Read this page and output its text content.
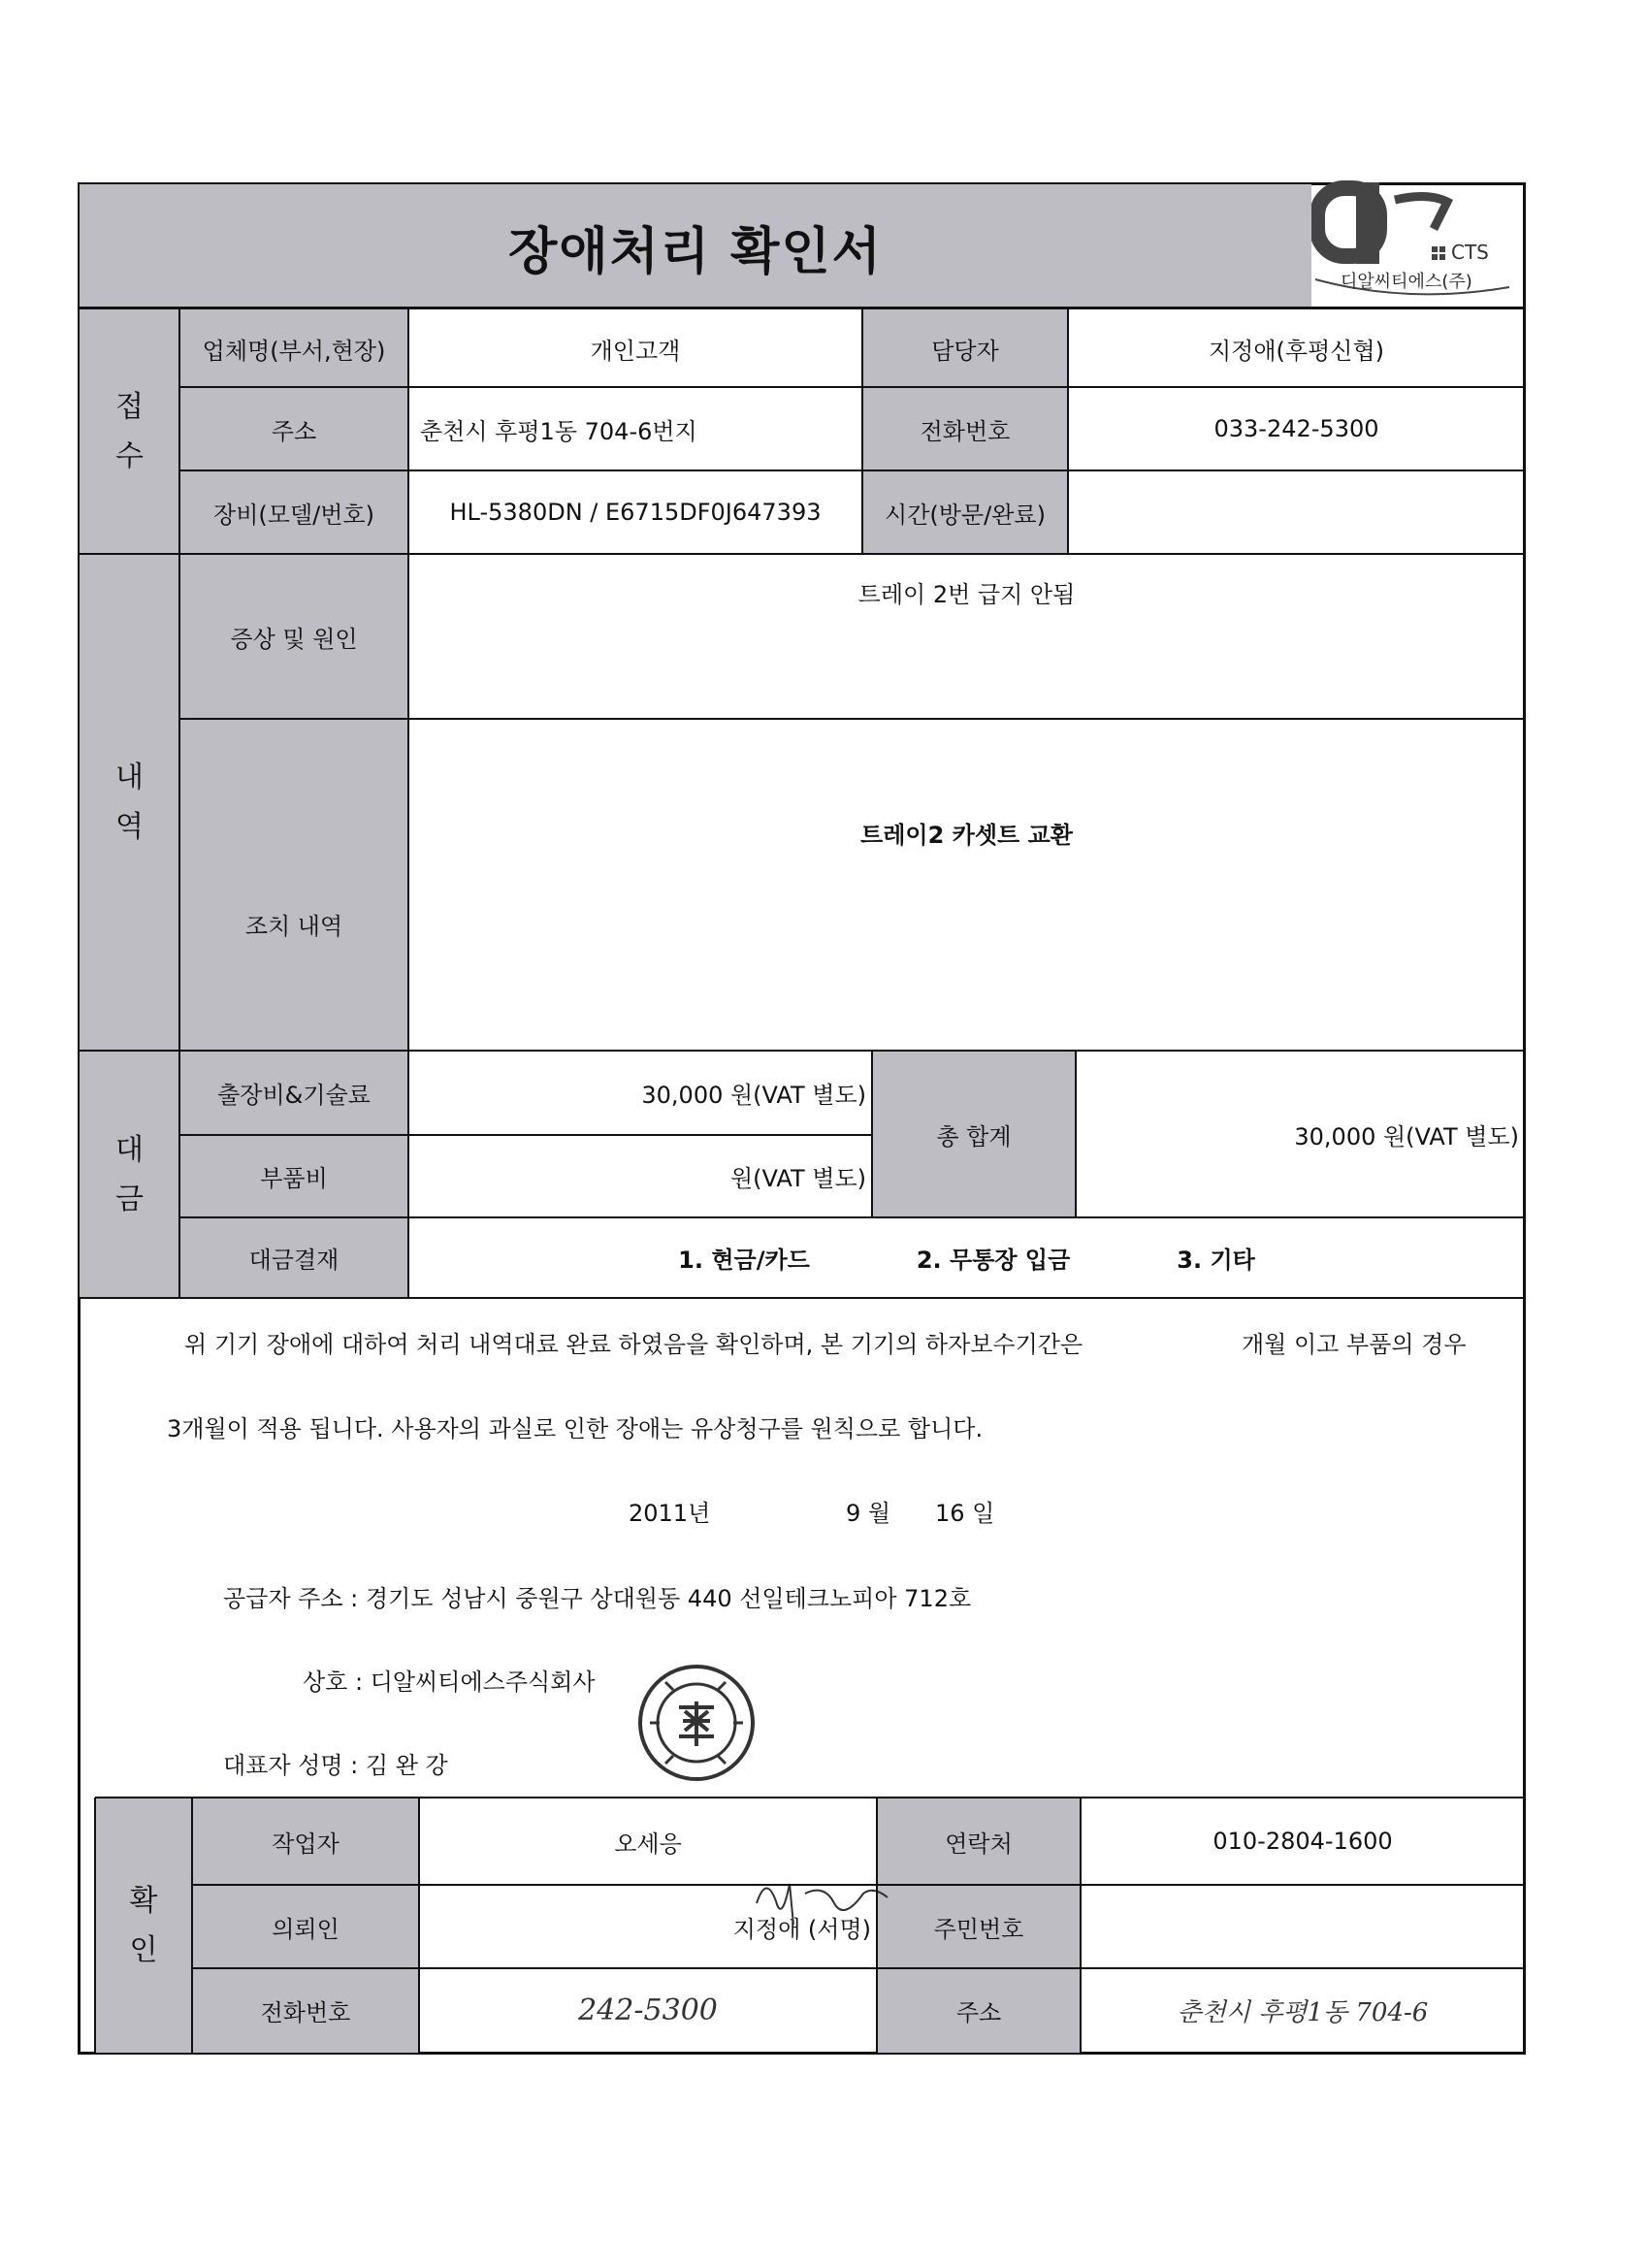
장애처리 확인서	CTS
디알씨티에스(주)
접
수
업체명(부서,현장)	개인고객	담당자	지정애(후평신협)
주소	춘천시 후평1동 704-6번지	전화번호	033-242-5300
장비(모델/번호)	HL-5380DN / E6715DF0J647393	시간(방문/완료)
내
역
증상 및 원인
트레이 2번 급지 안됨
조치 내역
트레이2 카셋트 교환
대
금
출장비&기술료	30,000 원(VAT 별도)
부품비	원(VAT 별도)
총 합계	30,000 원(VAT 별도)
대금결재	1. 현금/카드	2. 무통장 입금	3. 기타
위 기기 장애에 대하여 처리 내역대료 완료 하였음을 확인하며, 본 기기의 하자보수기간은	개월 이고 부품의 경우
3개월이 적용 됩니다. 사용자의 과실로 인한 장애는 유상청구를 원칙으로 합니다.
2011년	9 월 16 일
공급자 주소 : 경기도 성남시 중원구 상대원동 440 선일테크노피아 712호
상호 : 디알씨티에스주식회사
대표자 성명 : 김 완 강
확
인
작업자	오세응	연락처	010-2804-1600
의뢰인	지정애 (서명)	주민번호
전화번호	242-5300	주소	춘천시 후평1동 704-6
